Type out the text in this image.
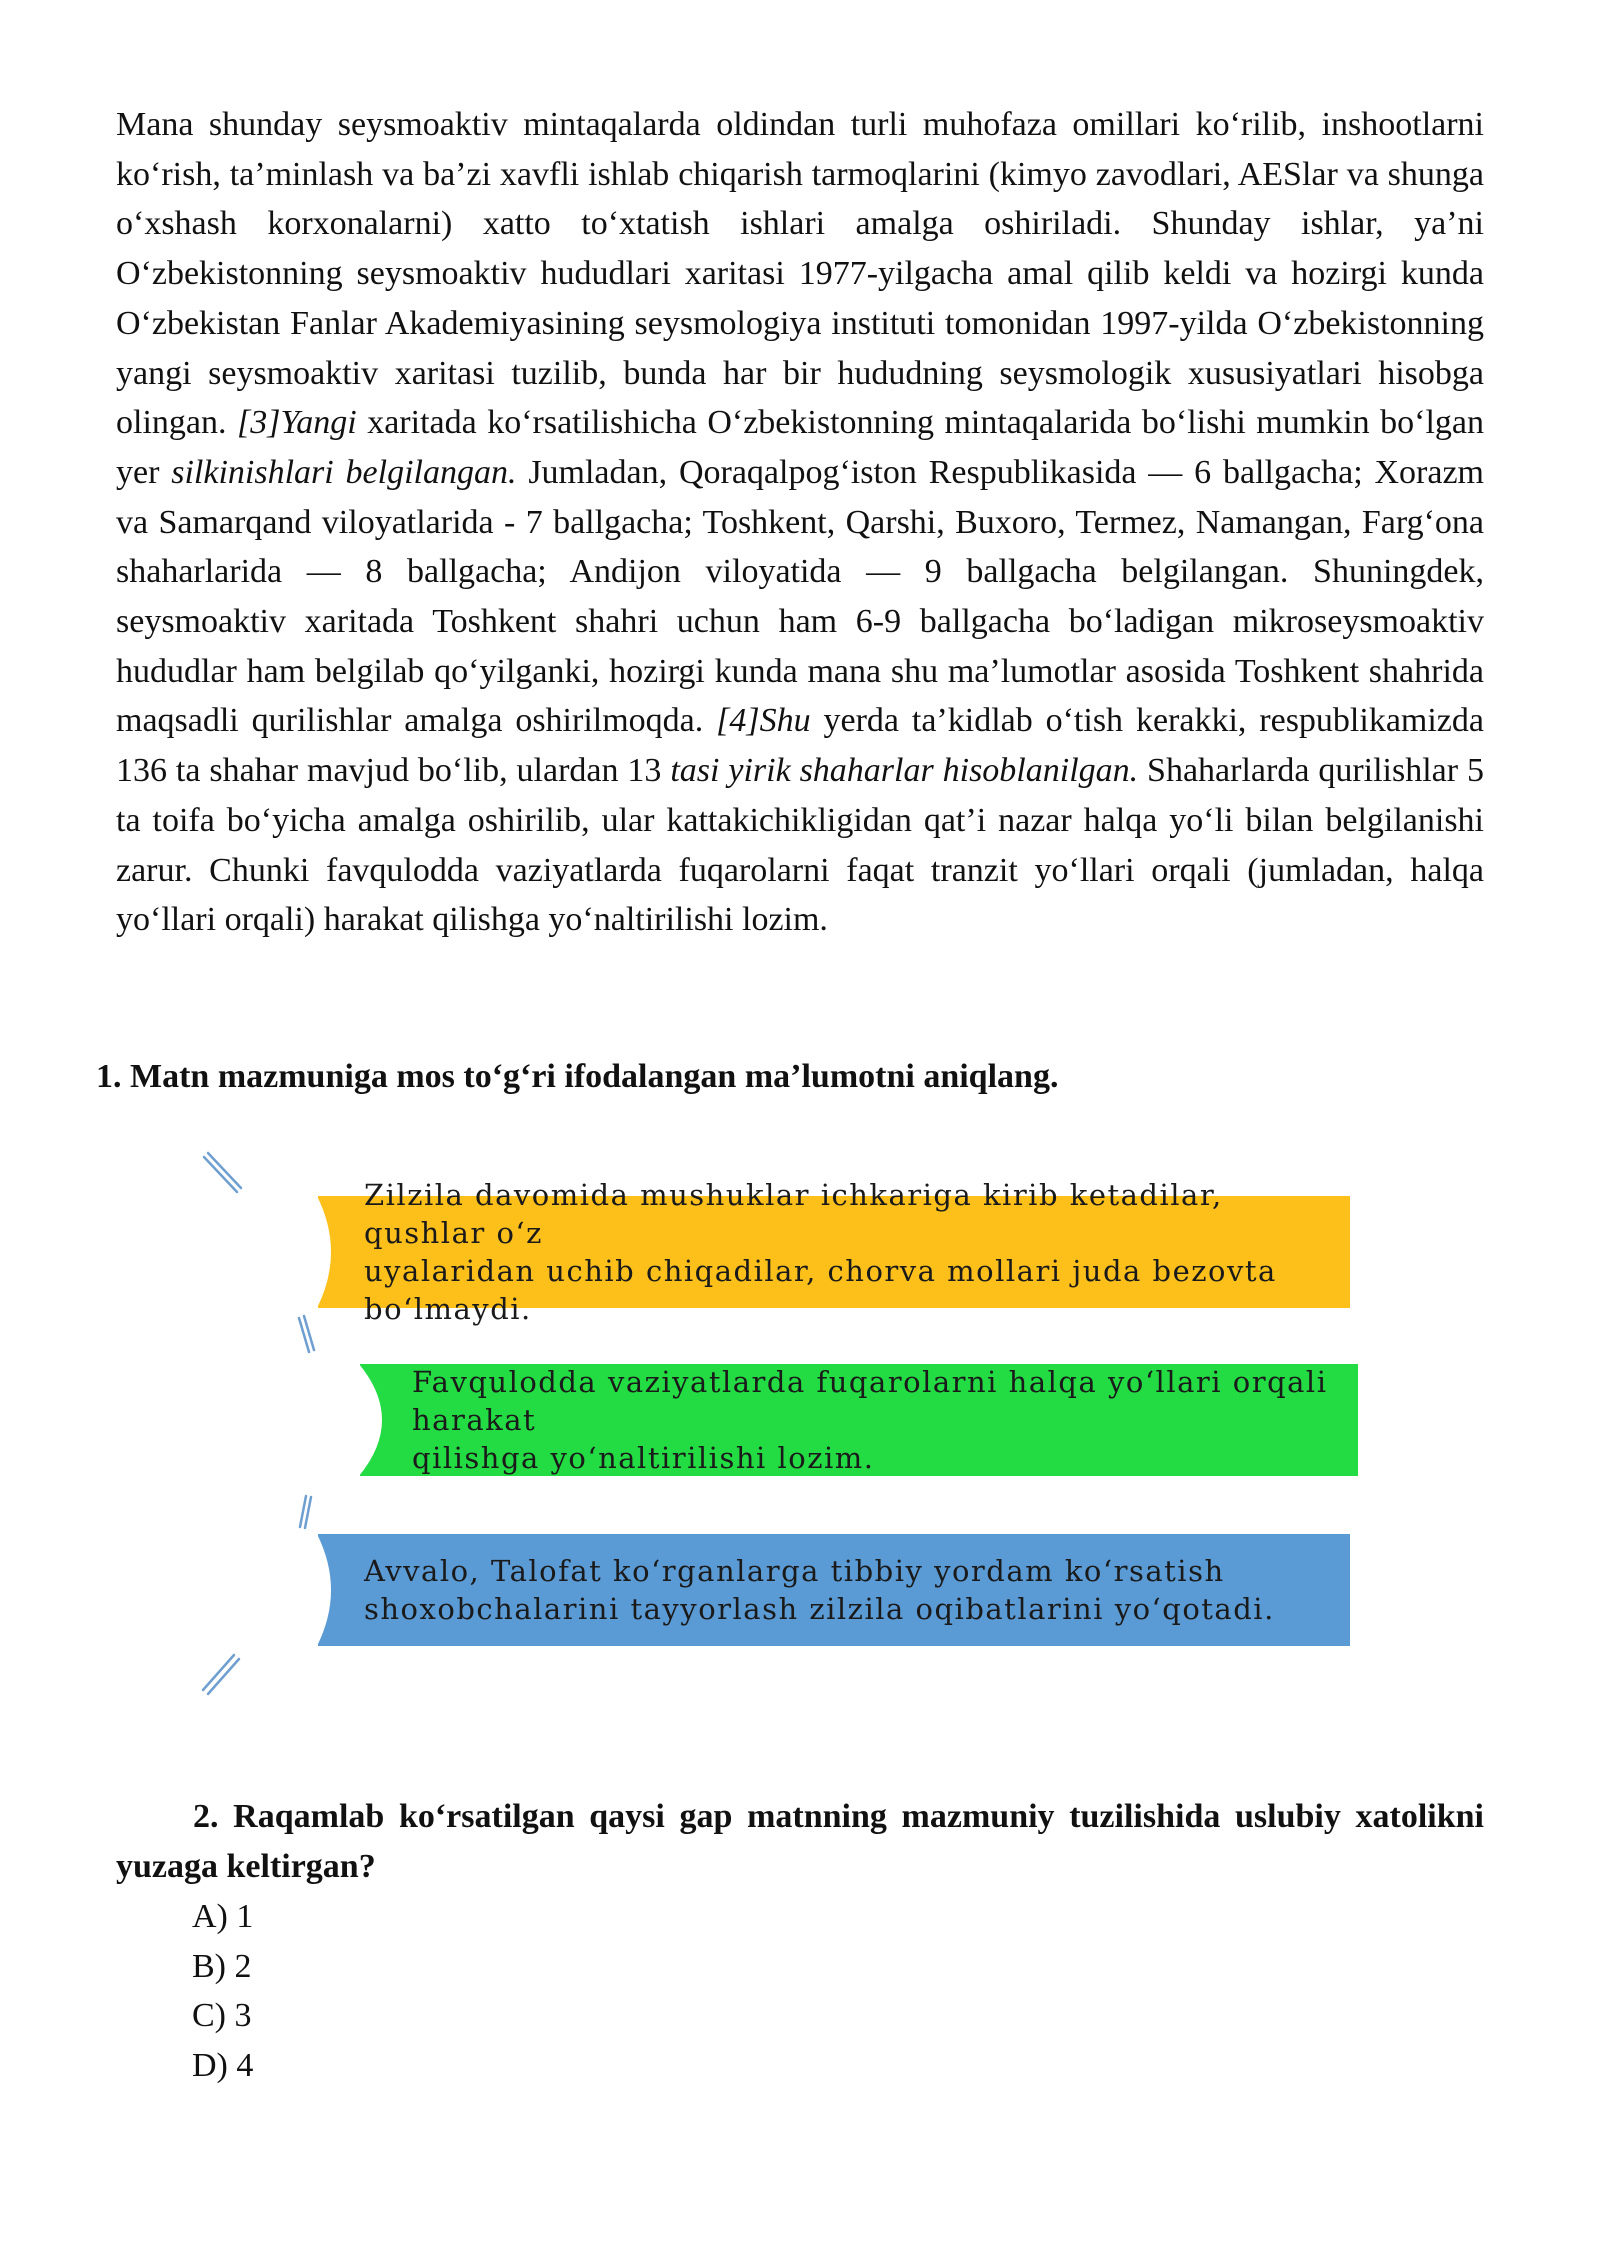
Mana shunday seysmoaktiv mintaqalarda oldindan turli muhofaza omillari ko‘rilib, inshootlarni ko‘rish, ta’minlash va ba’zi xavfli ishlab chiqarish tarmoqlarini (kimyo zavodlari, AESlar va shunga o‘xshash korxonalarni) xatto to‘xtatish ishlari amalga oshiriladi. Shunday ishlar, ya’ni O‘zbekistonning seysmoaktiv hududlari xaritasi 1977-yilgacha amal qilib keldi va hozirgi kunda O‘zbekistan Fanlar Akademiyasining seysmologiya instituti tomonidan 1997-yilda O‘zbekistonning yangi seysmoaktiv xaritasi tuzilib, bunda har bir hududning seysmologik xususiyatlari hisobga olingan. [3]Yangi xaritada ko‘rsatilishicha O‘zbekistonning mintaqalarida bo‘lishi mumkin bo‘lgan yer silkinishlari belgilangan. Jumladan, Qoraqalpog‘iston Respublikasida — 6 ballgacha; Xorazm va Samarqand viloyatlarida - 7 ballgacha; Toshkent, Qarshi, Buxoro, Termez, Namangan, Farg‘ona shaharlarida — 8 ballgacha; Andijon viloyatida — 9 ballgacha belgilangan. Shuningdek, seysmoaktiv xaritada Toshkent shahri uchun ham 6-9 ballgacha bo‘ladigan mikroseysmoaktiv hududlar ham belgilab qo‘yilganki, hozirgi kunda mana shu ma’lumotlar asosida Toshkent shahrida maqsadli qurilishlar amalga oshirilmoqda. [4]Shu yerda ta’kidlab o‘tish kerakki, respublikamizda 136 ta shahar mavjud bo‘lib, ulardan 13 tasi yirik shaharlar hisoblanilgan. Shaharlarda qurilishlar 5 ta toifa bo‘yicha amalga oshirilib, ular kattakichikligidan qat’i nazar halqa yo‘li bilan belgilanishi zarur. Chunki favqulodda vaziyatlarda fuqarolarni faqat tranzit yo‘llari orqali (jumladan, halqa yo‘llari orqali) harakat qilishga yo‘naltirilishi lozim.

1. Matn mazmuniga mos to‘g‘ri ifodalangan ma’lumotni aniqlang.

Zilzila davomida mushuklar ichkariga kirib ketadilar, qushlar o‘z
uyalaridan uchib chiqadilar, chorva mollari juda bezovta bo‘lmaydi.
Favqulodda vaziyatlarda fuqarolarni halqa yo‘llari orqali harakat
qilishga yo‘naltirilishi lozim.
Avvalo, Talofat ko‘rganlarga tibbiy yordam ko‘rsatish
shoxobchalarini tayyorlash zilzila oqibatlarini yo‘qotadi.

2. Raqamlab ko‘rsatilgan qaysi gap matnning mazmuniy tuzilishida uslubiy xatolikni yuzaga keltirgan?

A) 1
B) 2
C) 3
D) 4
